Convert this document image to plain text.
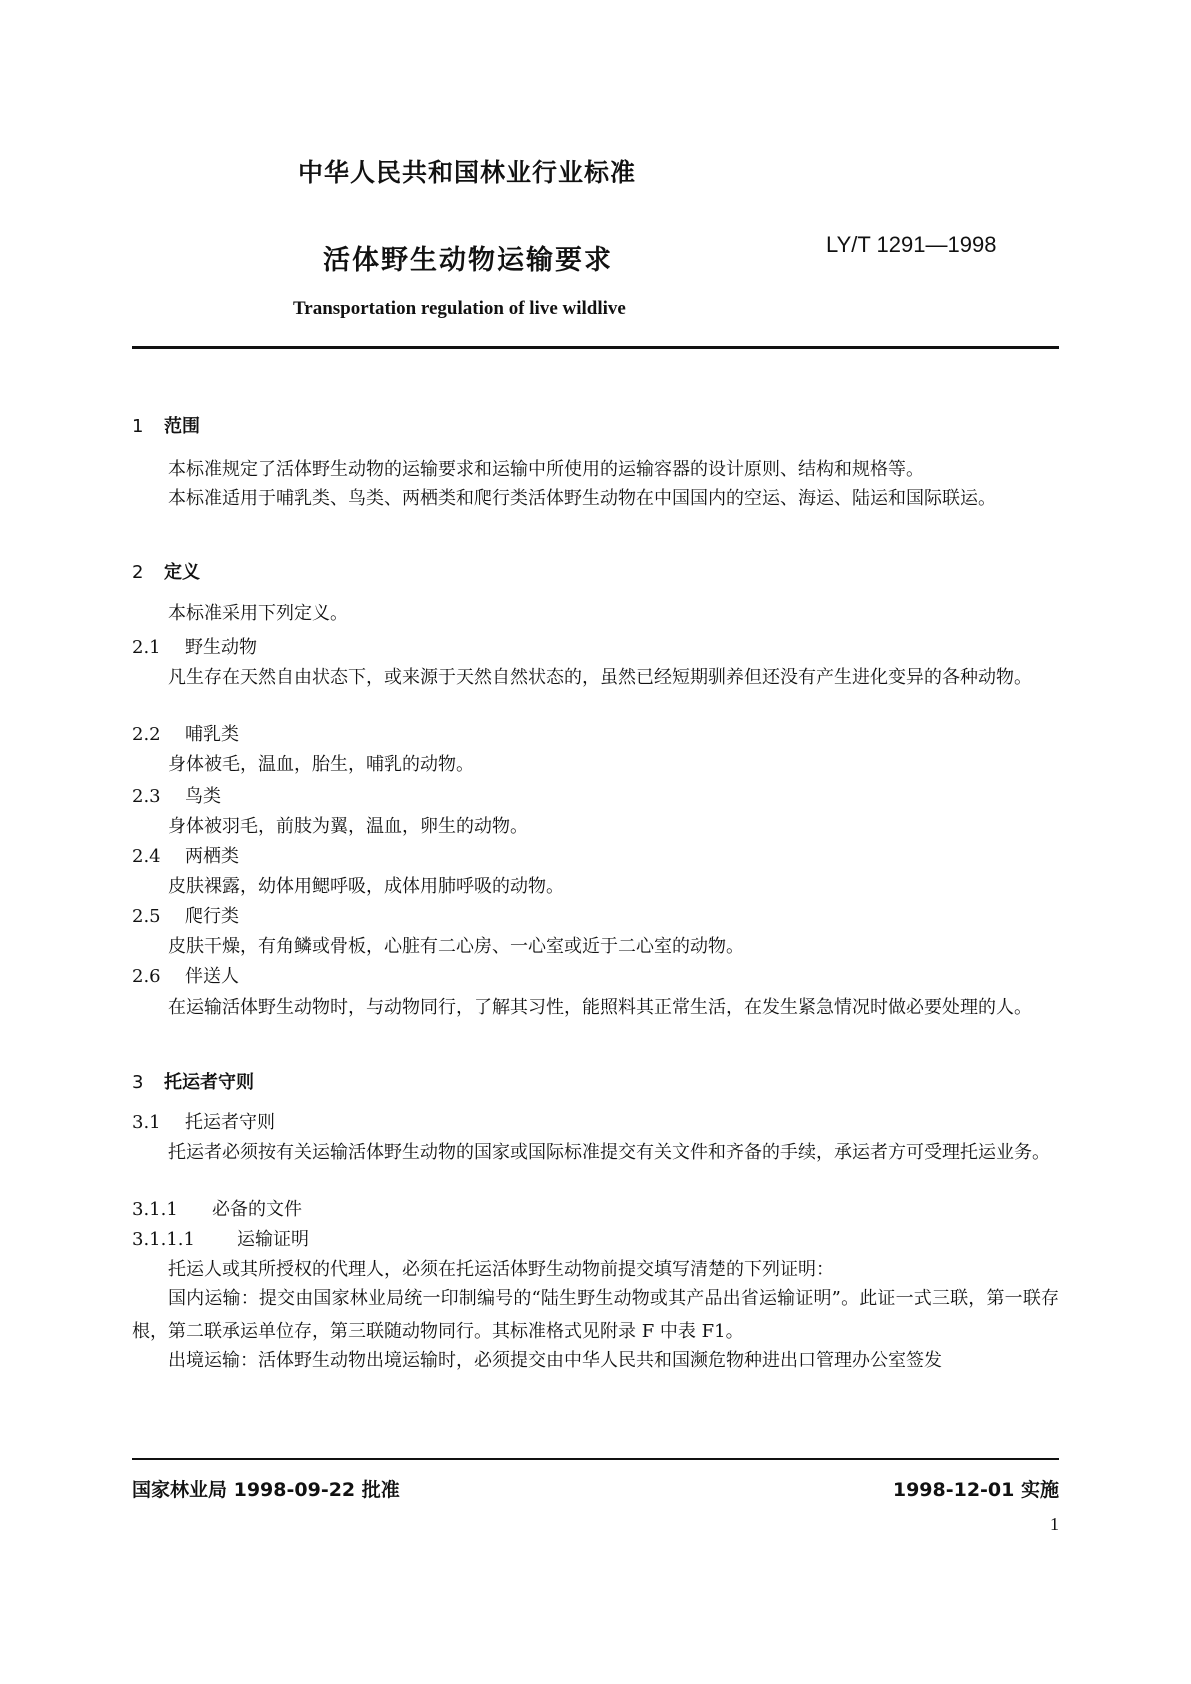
中华人民共和国林业行业标准
活体野生动物运输要求
LY/T 1291—1998
Transportation regulation of live wildlive
1 范围
本标准规定了活体野生动物的运输要求和运输中所使用的运输容器的设计原则、结构和规格等。
本标准适用于哺乳类、鸟类、两栖类和爬行类活体野生动物在中国国内的空运、海运、陆运和国际联运。
2 定义
本标准采用下列定义。
2.1 野生动物
凡生存在天然自由状态下，或来源于天然自然状态的，虽然已经短期驯养但还没有产生进化变异的各种动物。
2.2 哺乳类
身体被毛，温血，胎生，哺乳的动物。
2.3 鸟类
身体被羽毛，前肢为翼，温血，卵生的动物。
2.4 两栖类
皮肤裸露，幼体用鳃呼吸，成体用肺呼吸的动物。
2.5 爬行类
皮肤干燥，有角鳞或骨板，心脏有二心房、一心室或近于二心室的动物。
2.6 伴送人
在运输活体野生动物时，与动物同行，了解其习性，能照料其正常生活，在发生紧急情况时做必要处理的人。
3 托运者守则
3.1 托运者守则
托运者必须按有关运输活体野生动物的国家或国际标准提交有关文件和齐备的手续，承运者方可受理托运业务。
3.1.1 必备的文件
3.1.1.1 运输证明
托运人或其所授权的代理人，必须在托运活体野生动物前提交填写清楚的下列证明：
国内运输：提交由国家林业局统一印制编号的“陆生野生动物或其产品出省运输证明”。此证一式三联，第一联存根，第二联承运单位存，第三联随动物同行。其标准格式见附录 F 中表 F1。
出境运输：活体野生动物出境运输时，必须提交由中华人民共和国濒危物种进出口管理办公室签发
国家林业局 1998-09-22 批准	1998-12-01 实施
1
